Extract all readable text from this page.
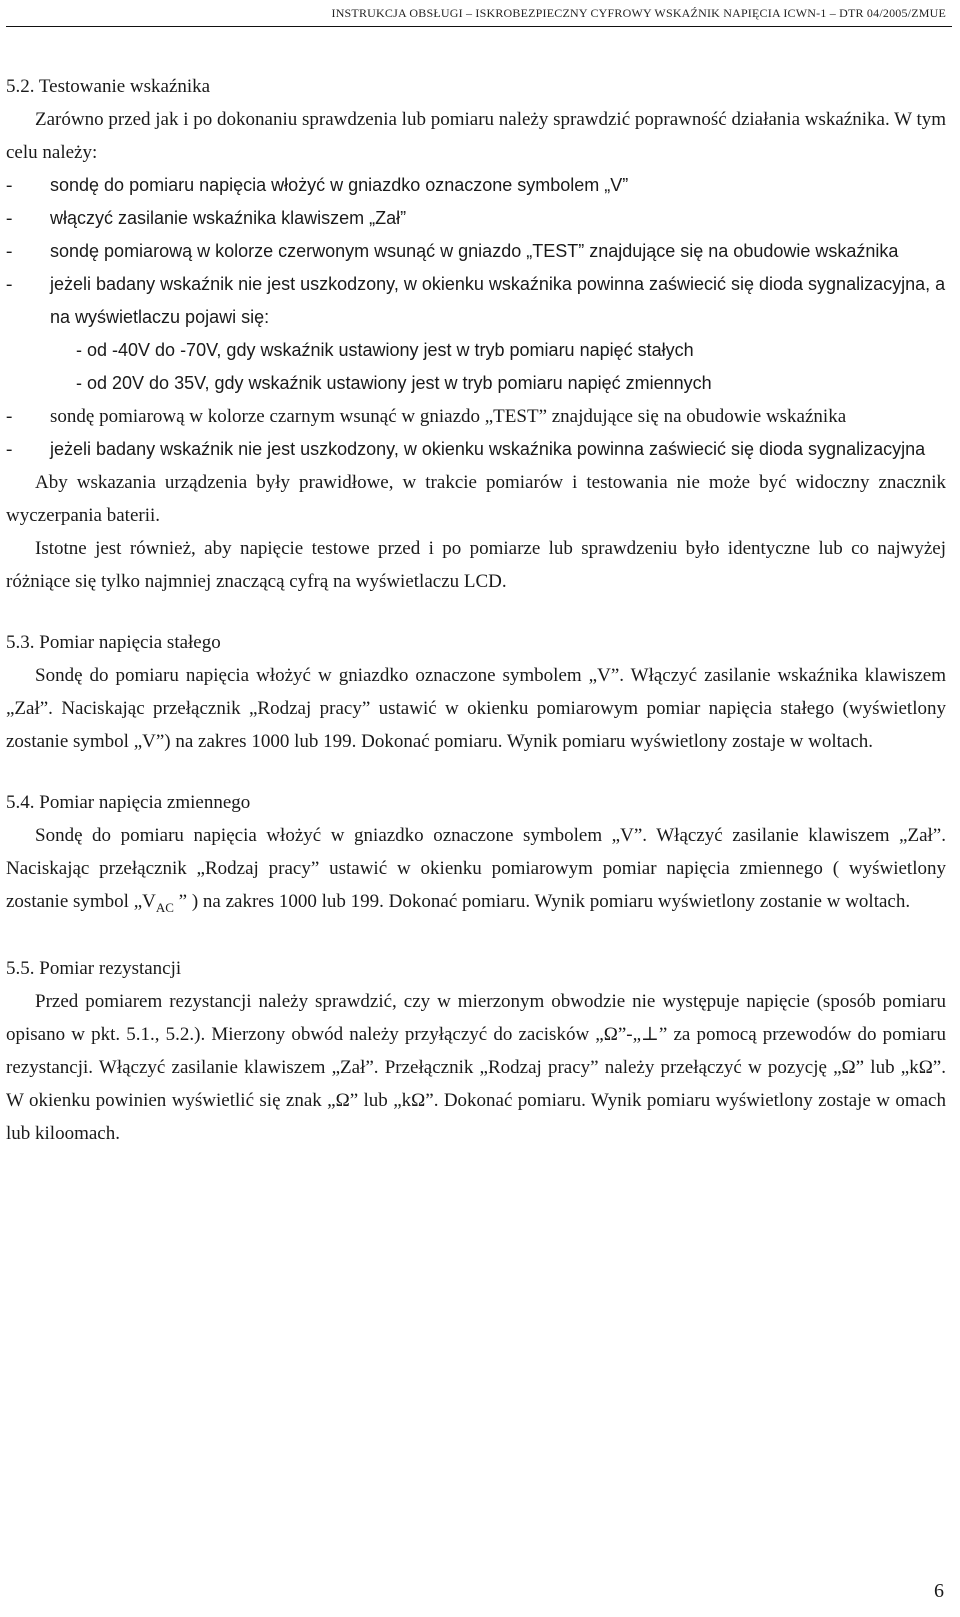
INSTRUKCJA OBSŁUGI – ISKROBEZPIECZNY CYFROWY WSKAŹNIK NAPIĘCIA ICWN-1 – DTR 04/2005/ZMUE

5.2. Testowanie wskaźnika

Zarówno przed jak i po dokonaniu sprawdzenia lub pomiaru należy sprawdzić poprawność działania wskaźnika. W tym celu należy:

-	sondę do pomiaru napięcia włożyć w gniazdko oznaczone symbolem „V”
-	włączyć zasilanie wskaźnika klawiszem „Zał”
-	sondę pomiarową w kolorze czerwonym wsunąć w gniazdo „TEST” znajdujące się na obudowie wskaźnika
-	jeżeli badany wskaźnik nie jest uszkodzony, w okienku wskaźnika powinna zaświecić się dioda sygnalizacyjna, a na wyświetlaczu pojawi się:

- od -40V do -70V, gdy wskaźnik ustawiony jest w tryb pomiaru napięć stałych

- od 20V do 35V, gdy wskaźnik ustawiony jest w tryb pomiaru napięć zmiennych

-	sondę pomiarową w kolorze czarnym wsunąć w gniazdo „TEST” znajdujące się na obudowie wskaźnika
-	jeżeli badany wskaźnik nie jest uszkodzony, w okienku wskaźnika powinna zaświecić się dioda sygnalizacyjna

Aby wskazania urządzenia były prawidłowe, w trakcie pomiarów i testowania nie może być widoczny znacznik wyczerpania baterii.

Istotne jest również, aby napięcie testowe przed i po pomiarze lub sprawdzeniu było identyczne lub co najwyżej różniące się tylko najmniej znaczącą cyfrą na wyświetlaczu LCD.

5.3. Pomiar napięcia stałego

Sondę do pomiaru napięcia włożyć w gniazdko oznaczone symbolem „V”. Włączyć zasilanie wskaźnika klawiszem „Zał”. Naciskając przełącznik „Rodzaj pracy” ustawić w okienku pomiarowym pomiar napięcia stałego (wyświetlony zostanie symbol „V”) na zakres 1000 lub 199. Dokonać pomiaru. Wynik pomiaru wyświetlony zostaje w woltach.

5.4. Pomiar napięcia zmiennego

Sondę do pomiaru napięcia włożyć w gniazdko oznaczone symbolem „V”. Włączyć zasilanie klawiszem „Zał”. Naciskając przełącznik „Rodzaj pracy” ustawić w okienku pomiarowym pomiar napięcia zmiennego ( wyświetlony zostanie symbol $„V_{AC}$ ” ) na zakres 1000 lub 199. Dokonać pomiaru. Wynik pomiaru wyświetlony zostanie w woltach.

5.5. Pomiar rezystancji

Przed pomiarem rezystancji należy sprawdzić, czy w mierzonym obwodzie nie występuje napięcie (sposób pomiaru opisano w pkt. 5.1., 5.2.). Mierzony obwód należy przyłączyć do zacisków „Ω”-„⊥” za pomocą przewodów do pomiaru rezystancji. Włączyć zasilanie klawiszem „Zał”. Przełącznik „Rodzaj pracy” należy przełączyć w pozycję „Ω” lub „kΩ”. W okienku powinien wyświetlić się znak „Ω” lub „kΩ”. Dokonać pomiaru. Wynik pomiaru wyświetlony zostaje w omach lub kiloomach.

6
